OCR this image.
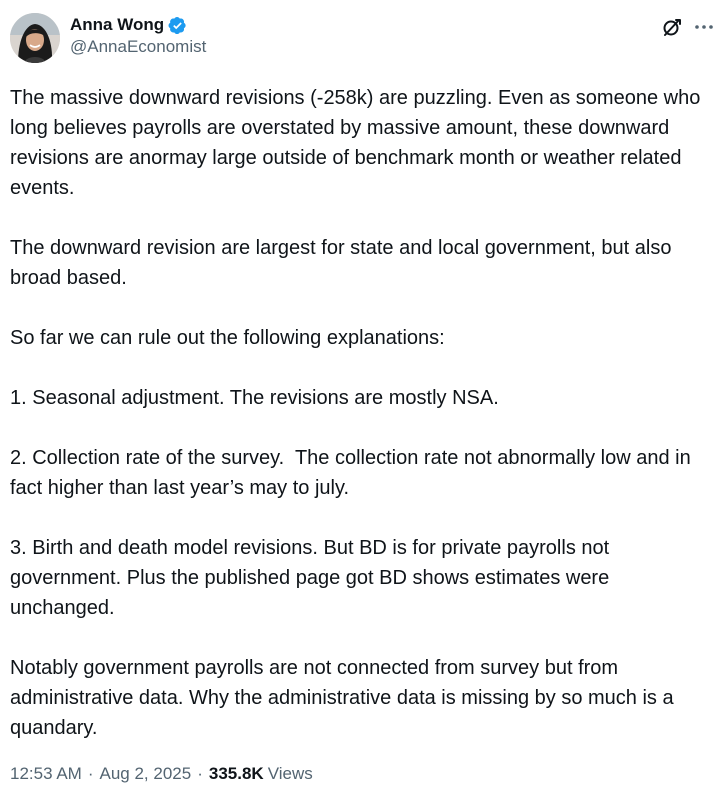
Anna Wong
@AnnaEconomist

The massive downward revisions (-258k) are puzzling. Even as someone who long believes payrolls are overstated by massive amount, these downward revisions are anormay large outside of benchmark month or weather related events.

The downward revision are largest for state and local government, but also broad based.

So far we can rule out the following explanations:

1. Seasonal adjustment. The revisions are mostly NSA.

2. Collection rate of the survey.  The collection rate not abnormally low and in fact higher than last year’s may to july.

3. Birth and death model revisions. But BD is for private payrolls not government. Plus the published page got BD shows estimates were unchanged.

Notably government payrolls are not connected from survey but from administrative data. Why the administrative data is missing by so much is a quandary.

12:53 AM · Aug 2, 2025 · 335.8K Views
